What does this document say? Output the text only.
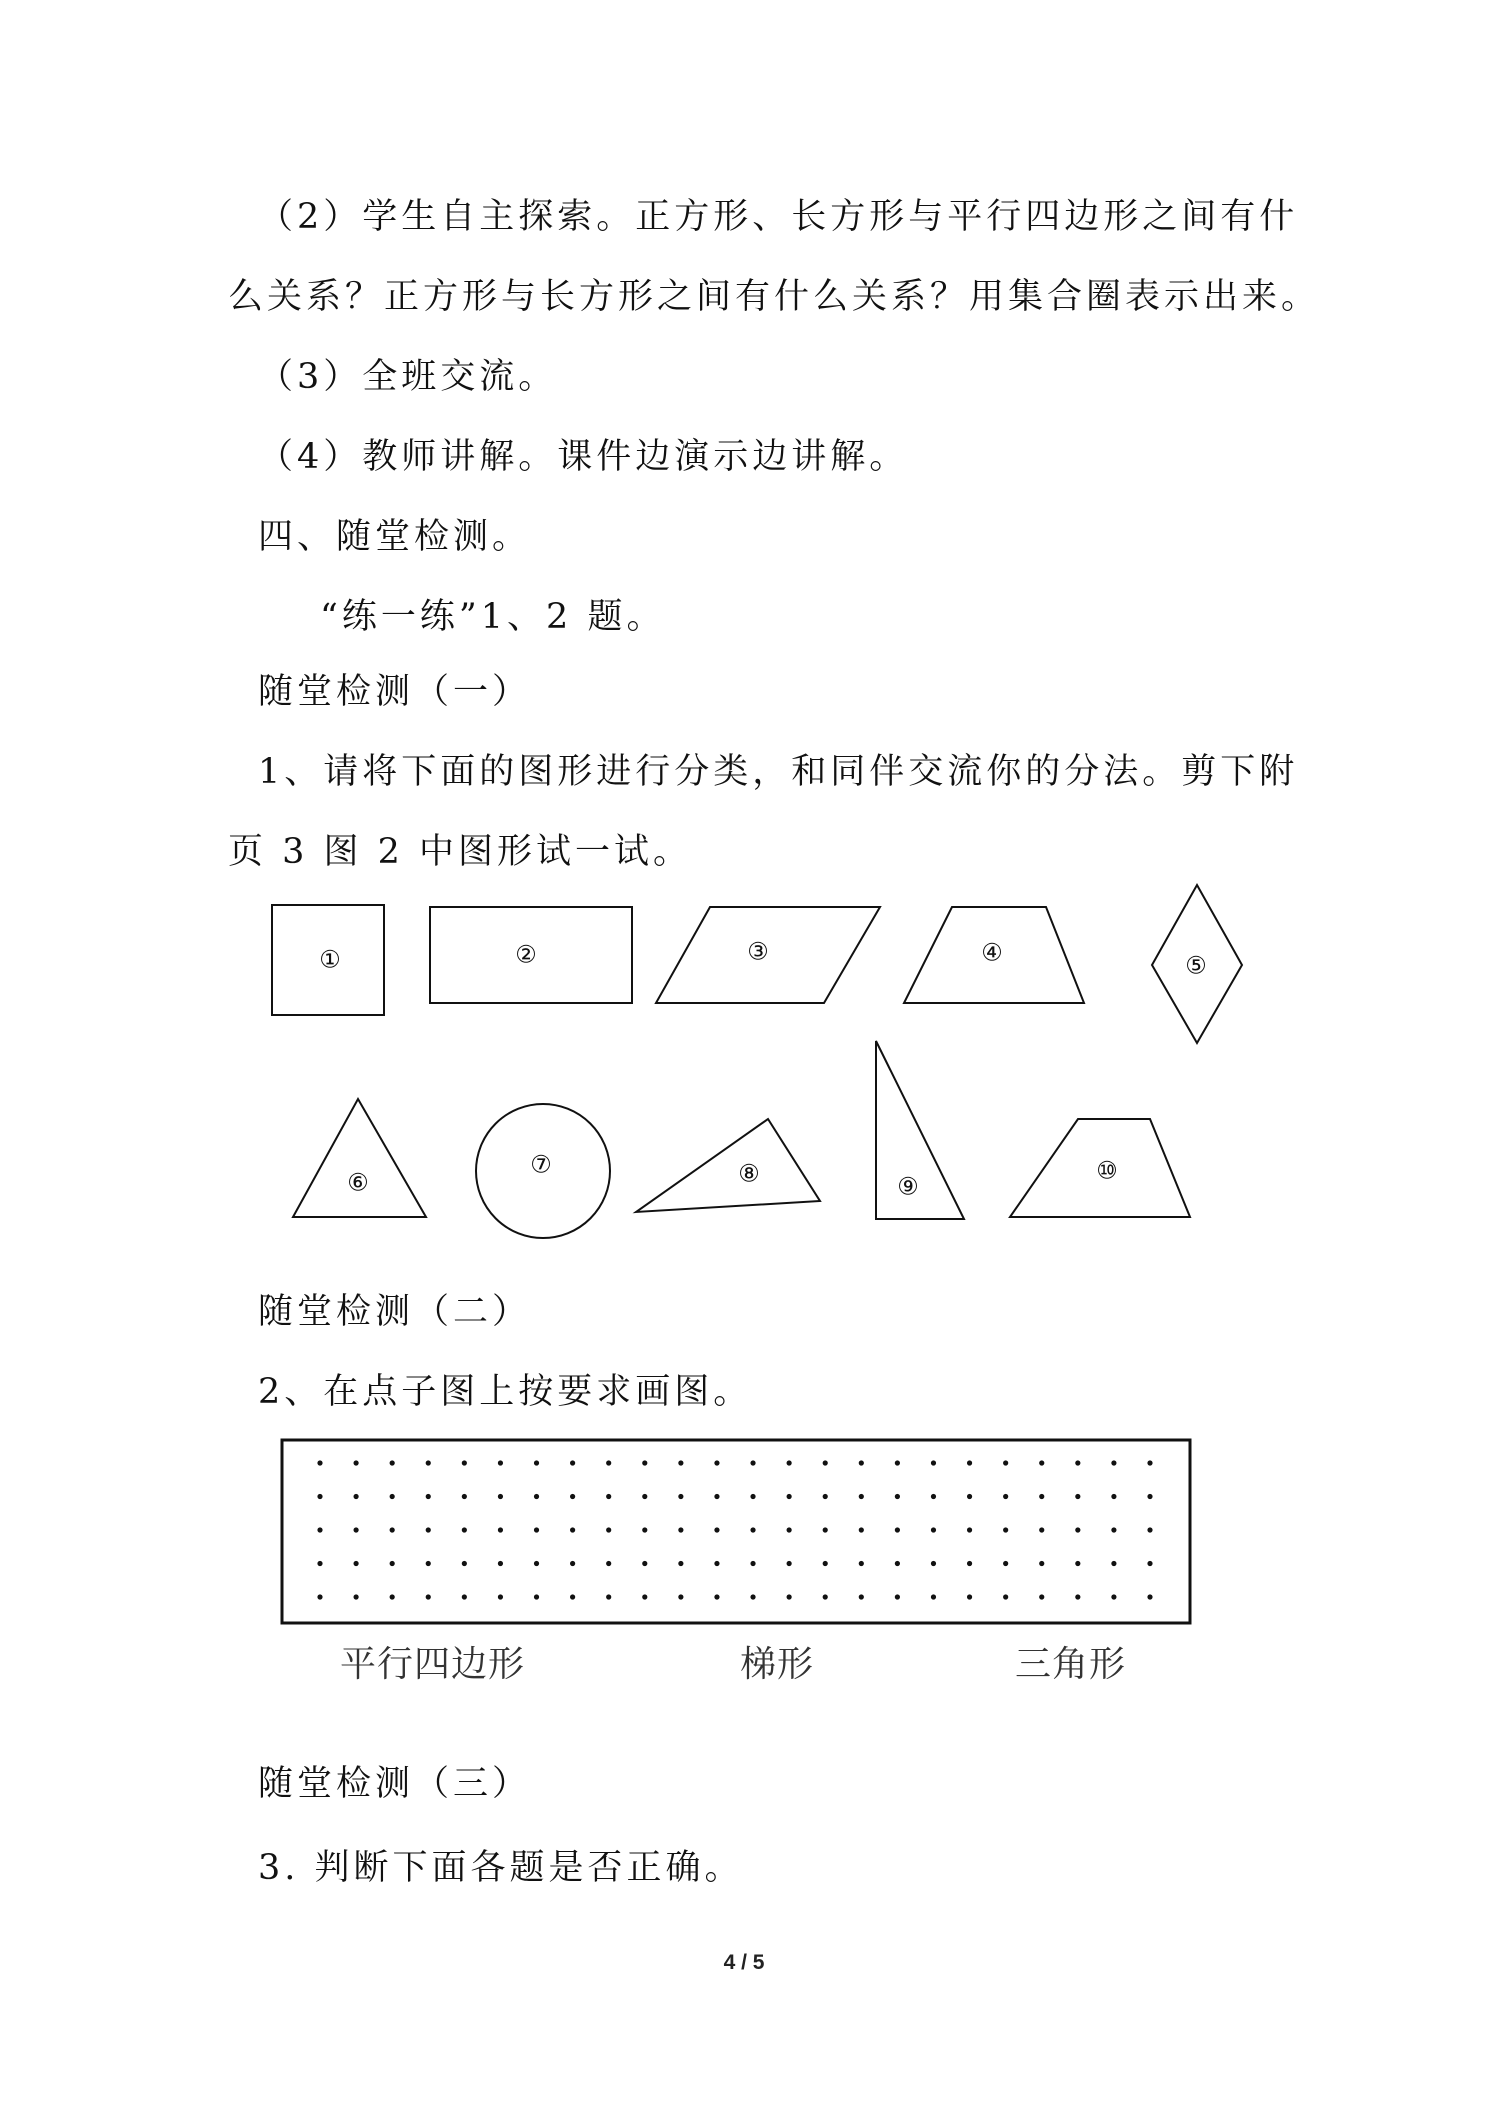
（2）学生自主探索。正方形、长方形与平行四边形之间有什
么关系？正方形与长方形之间有什么关系？用集合圈表示出来。
（3）全班交流。
（4）教师讲解。课件边演示边讲解。
四、随堂检测。
“练一练”1、2 题。
随堂检测（一）
1、请将下面的图形进行分类，和同伴交流你的分法。剪下附
页 3 图 2 中图形试一试。
①	②	③	④	⑤
⑥
⑦	⑧	⑨
⑩
随堂检测（二）
2、在点子图上按要求画图。
平行四边形	梯形	三角形
随堂检测（三）
3. 判断下面各题是否正确。
4 / 5
